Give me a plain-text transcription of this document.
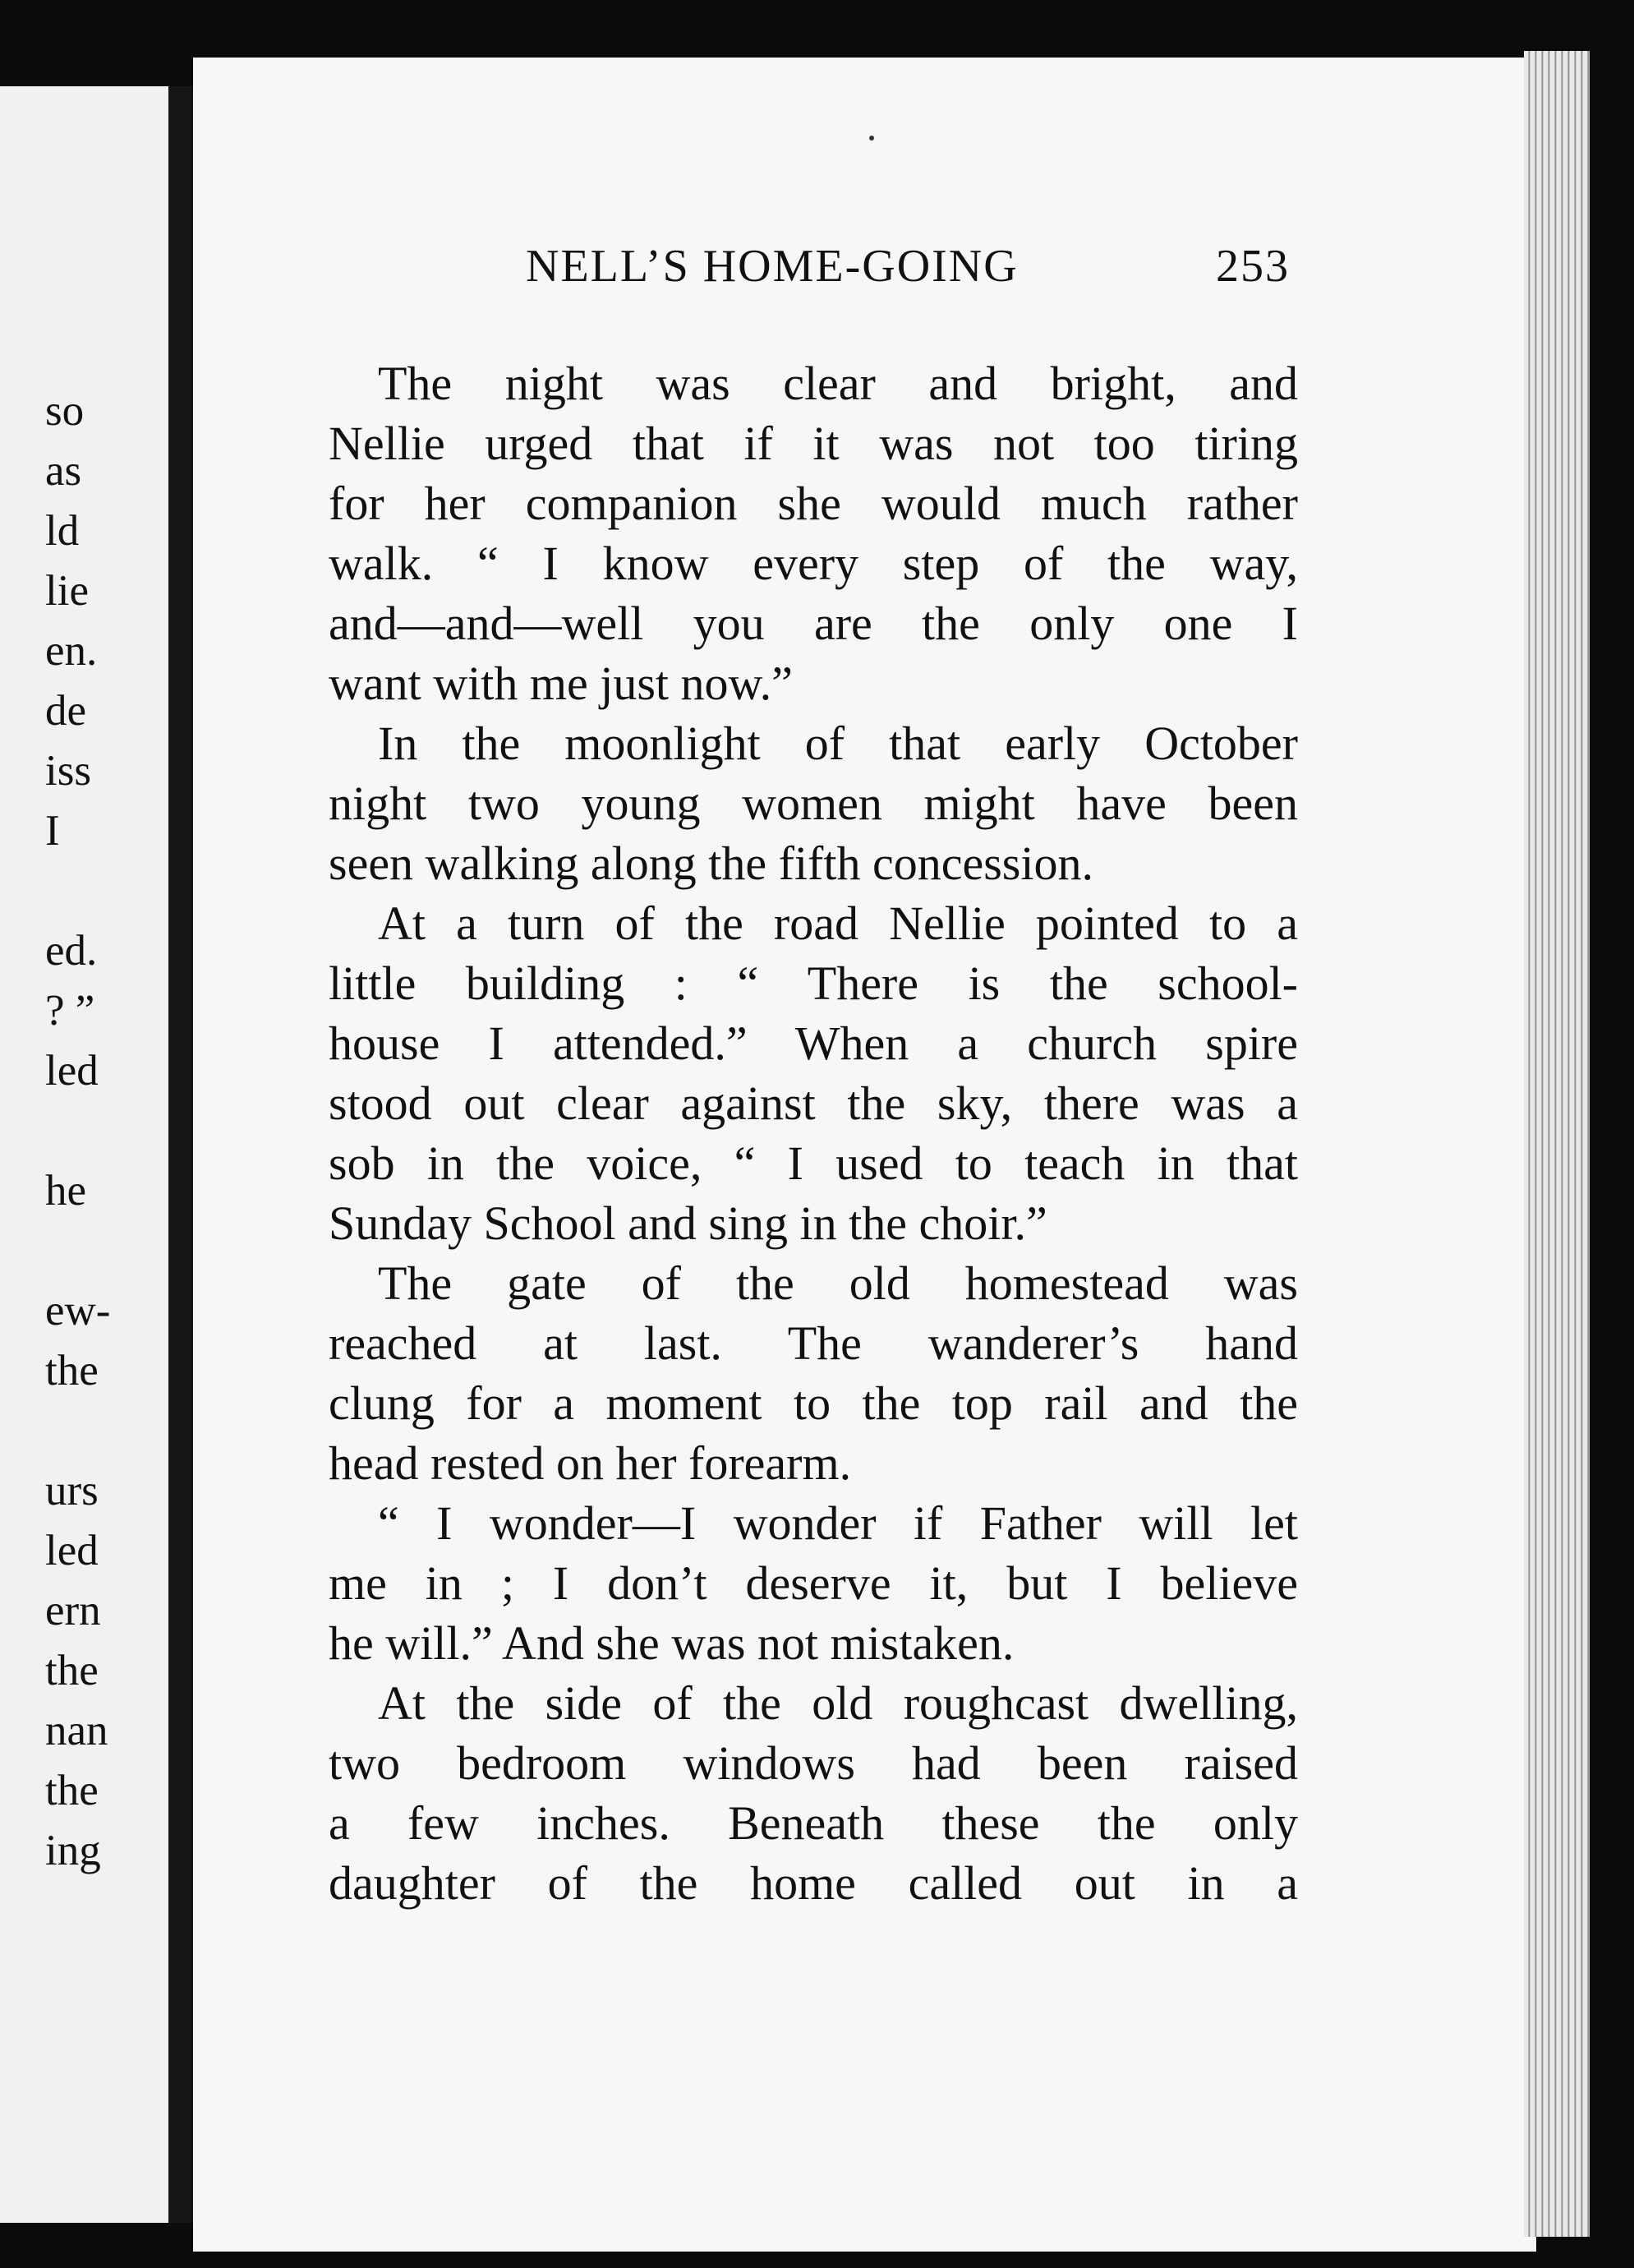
so
as
ld
lie
en.
de
iss
I
ed.
? ”
led
he
ew-
the
urs
led
ern
the
nan
the
ing
NELL’S HOME-GOING	253
The night was clear and bright, and
Nellie urged that if it was not too tiring
for her companion she would much rather
walk. “ I know every step of the way,
and—and—well you are the only one I
want with me just now.”
In the moonlight of that early October
night two young women might have been
seen walking along the fifth concession.
At a turn of the road Nellie pointed to a
little building : “ There is the school-
house I attended.” When a church spire
stood out clear against the sky, there was a
sob in the voice, “ I used to teach in that
Sunday School and sing in the choir.”
The gate of the old homestead was
reached at last. The wanderer’s hand
clung for a moment to the top rail and the
head rested on her forearm.
“ I wonder—I wonder if Father will let
me in ; I don’t deserve it, but I believe
he will.” And she was not mistaken.
At the side of the old roughcast dwelling,
two bedroom windows had been raised
a few inches. Beneath these the only
daughter of the home called out in a
